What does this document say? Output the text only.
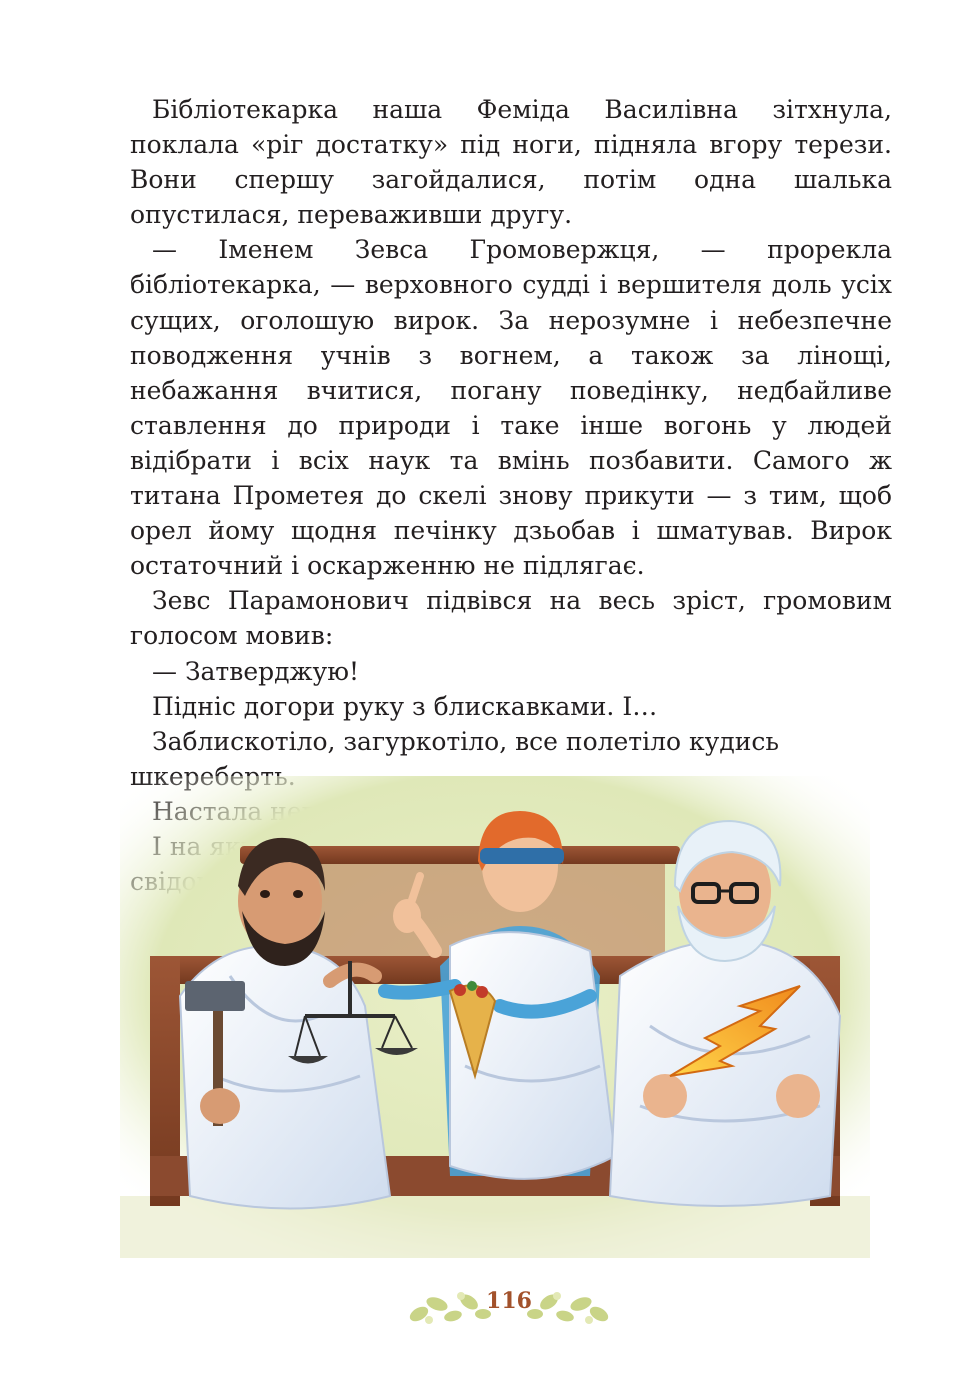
Бібліотекарка наша Феміда Василівна зітхнула, поклала «ріг достатку» під ноги, підняла вгору терези. Вони спершу загойдалися, потім одна шалька опустилася, переваживши другу.

— Іменем Зевса Громовержця, — прорекла бібліотекарка, — верховного судді і вершителя доль усіх сущих, оголошую вирок. За нерозумне і небезпечне поводження учнів з вогнем, а також за лінощі, небажання вчитися, погану поведінку, недбайливе ставлення до природи і таке інше вогонь у людей відібрати і всіх наук та вмінь позбавити. Самого ж титана Прометея до скелі знову прикути — з тим, щоб орел йому щодня печінку дзьобав і шматував. Вирок остаточний і оскарженню не підлягає.

Зевс Парамонович підвівся на весь зріст, громовим голосом мовив:

— Затверджую!

Підніс догори руку з блискавками. І…

Заблискотіло, загуркотіло, все полетіло кудись

116
